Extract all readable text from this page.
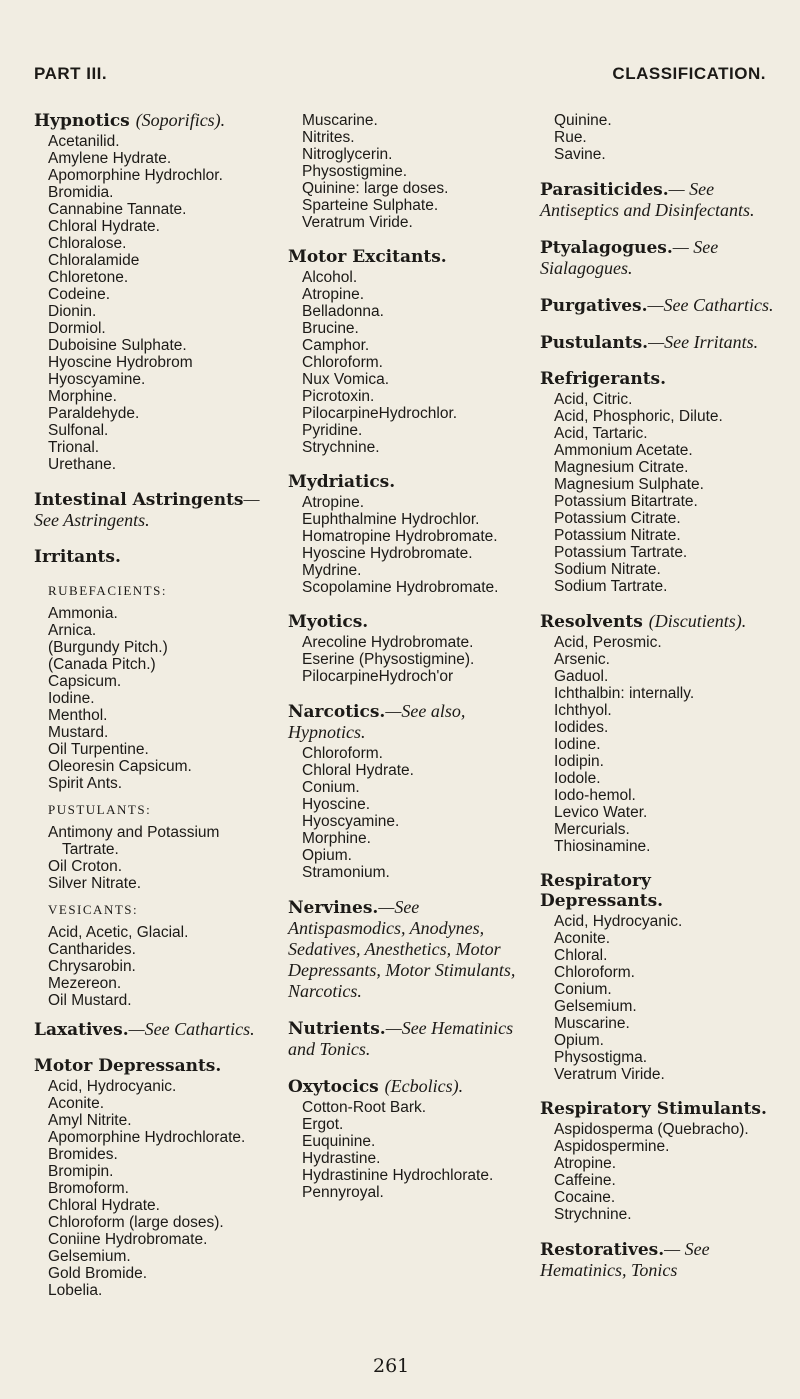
PART III.	CLASSIFICATION.
Hypnotics (Soporifics).
Acetanilid.
Amylene Hydrate.
Apomorphine Hydrochlor.
Bromidia.
Cannabine Tannate.
Chloral Hydrate.
Chloralose.
Chloralamide
Chloretone.
Codeine.
Dionin.
Dormiol.
Duboisine Sulphate.
Hyoscine Hydrobrom
Hyoscyamine.
Morphine.
Paraldehyde.
Sulfonal.
Trional.
Urethane.
Intestinal Astringents—See Astringents.
Irritants.
RUBEFACIENTS:
Ammonia.
Arnica.
(Burgundy Pitch.)
(Canada Pitch.)
Capsicum.
Iodine.
Menthol.
Mustard.
Oil Turpentine.
Oleoresin Capsicum.
Spirit Ants.
PUSTULANTS:
Antimony and Potassium Tartrate.
Oil Croton.
Silver Nitrate.
VESICANTS:
Acid, Acetic, Glacial.
Cantharides.
Chrysarobin.
Mezereon.
Oil Mustard.
Laxatives.—See Cathartics.
Motor Depressants.
Acid, Hydrocyanic.
Aconite.
Amyl Nitrite.
Apomorphine Hydrochlorate.
Bromides.
Bromipin.
Bromoform.
Chloral Hydrate.
Chloroform (large doses).
Coniine Hydrobromate.
Gelsemium.
Gold Bromide.
Lobelia.
Muscarine.
Nitrites.
Nitroglycerin.
Physostigmine.
Quinine: large doses.
Sparteine Sulphate.
Veratrum Viride.
Motor Excitants.
Alcohol.
Atropine.
Belladonna.
Brucine.
Camphor.
Chloroform.
Nux Vomica.
Picrotoxin.
PilocarpineHydrochlor.
Pyridine.
Strychnine.
Mydriatics.
Atropine.
Euphthalmine Hydrochlor.
Homatropine Hydrobromate.
Hyoscine Hydrobromate.
Mydrine.
Scopolamine Hydrobromate.
Myotics.
Arecoline Hydrobromate.
Eserine (Physostigmine).
PilocarpineHydroch'or
Narcotics.—See also, Hypnotics.
Chloroform.
Chloral Hydrate.
Conium.
Hyoscine.
Hyoscyamine.
Morphine.
Opium.
Stramonium.
Nervines.—See Antispasmodics, Anodynes, Sedatives, Anesthetics, Motor Depressants, Motor Stimulants, Narcotics.
Nutrients.—See Hematinics and Tonics.
Oxytocics (Ecbolics).
Cotton-Root Bark.
Ergot.
Euquinine.
Hydrastine.
Hydrastinine Hydrochlorate.
Pennyroyal.
Quinine.
Rue.
Savine.
Parasiticides.— See Antiseptics and Disinfectants.
Ptyalagogues.— See Sialagogues.
Purgatives.—See Cathartics.
Pustulants.—See Irritants.
Refrigerants.
Acid, Citric.
Acid, Phosphoric, Dilute.
Acid, Tartaric.
Ammonium Acetate.
Magnesium Citrate.
Magnesium Sulphate.
Potassium Bitartrate.
Potassium Citrate.
Potassium Nitrate.
Potassium Tartrate.
Sodium Nitrate.
Sodium Tartrate.
Resolvents (Discutients).
Acid, Perosmic.
Arsenic.
Gaduol.
Ichthalbin: internally.
Ichthyol.
Iodides.
Iodine.
Iodipin.
Iodole.
Iodo-hemol.
Levico Water.
Mercurials.
Thiosinamine.
Respiratory Depressants.
Acid, Hydrocyanic.
Aconite.
Chloral.
Chloroform.
Conium.
Gelsemium.
Muscarine.
Opium.
Physostigma.
Veratrum Viride.
Respiratory Stimulants.
Aspidosperma (Quebracho).
Aspidospermine.
Atropine.
Caffeine.
Cocaine.
Strychnine.
Restoratives.— See Hematinics, Tonics
261
